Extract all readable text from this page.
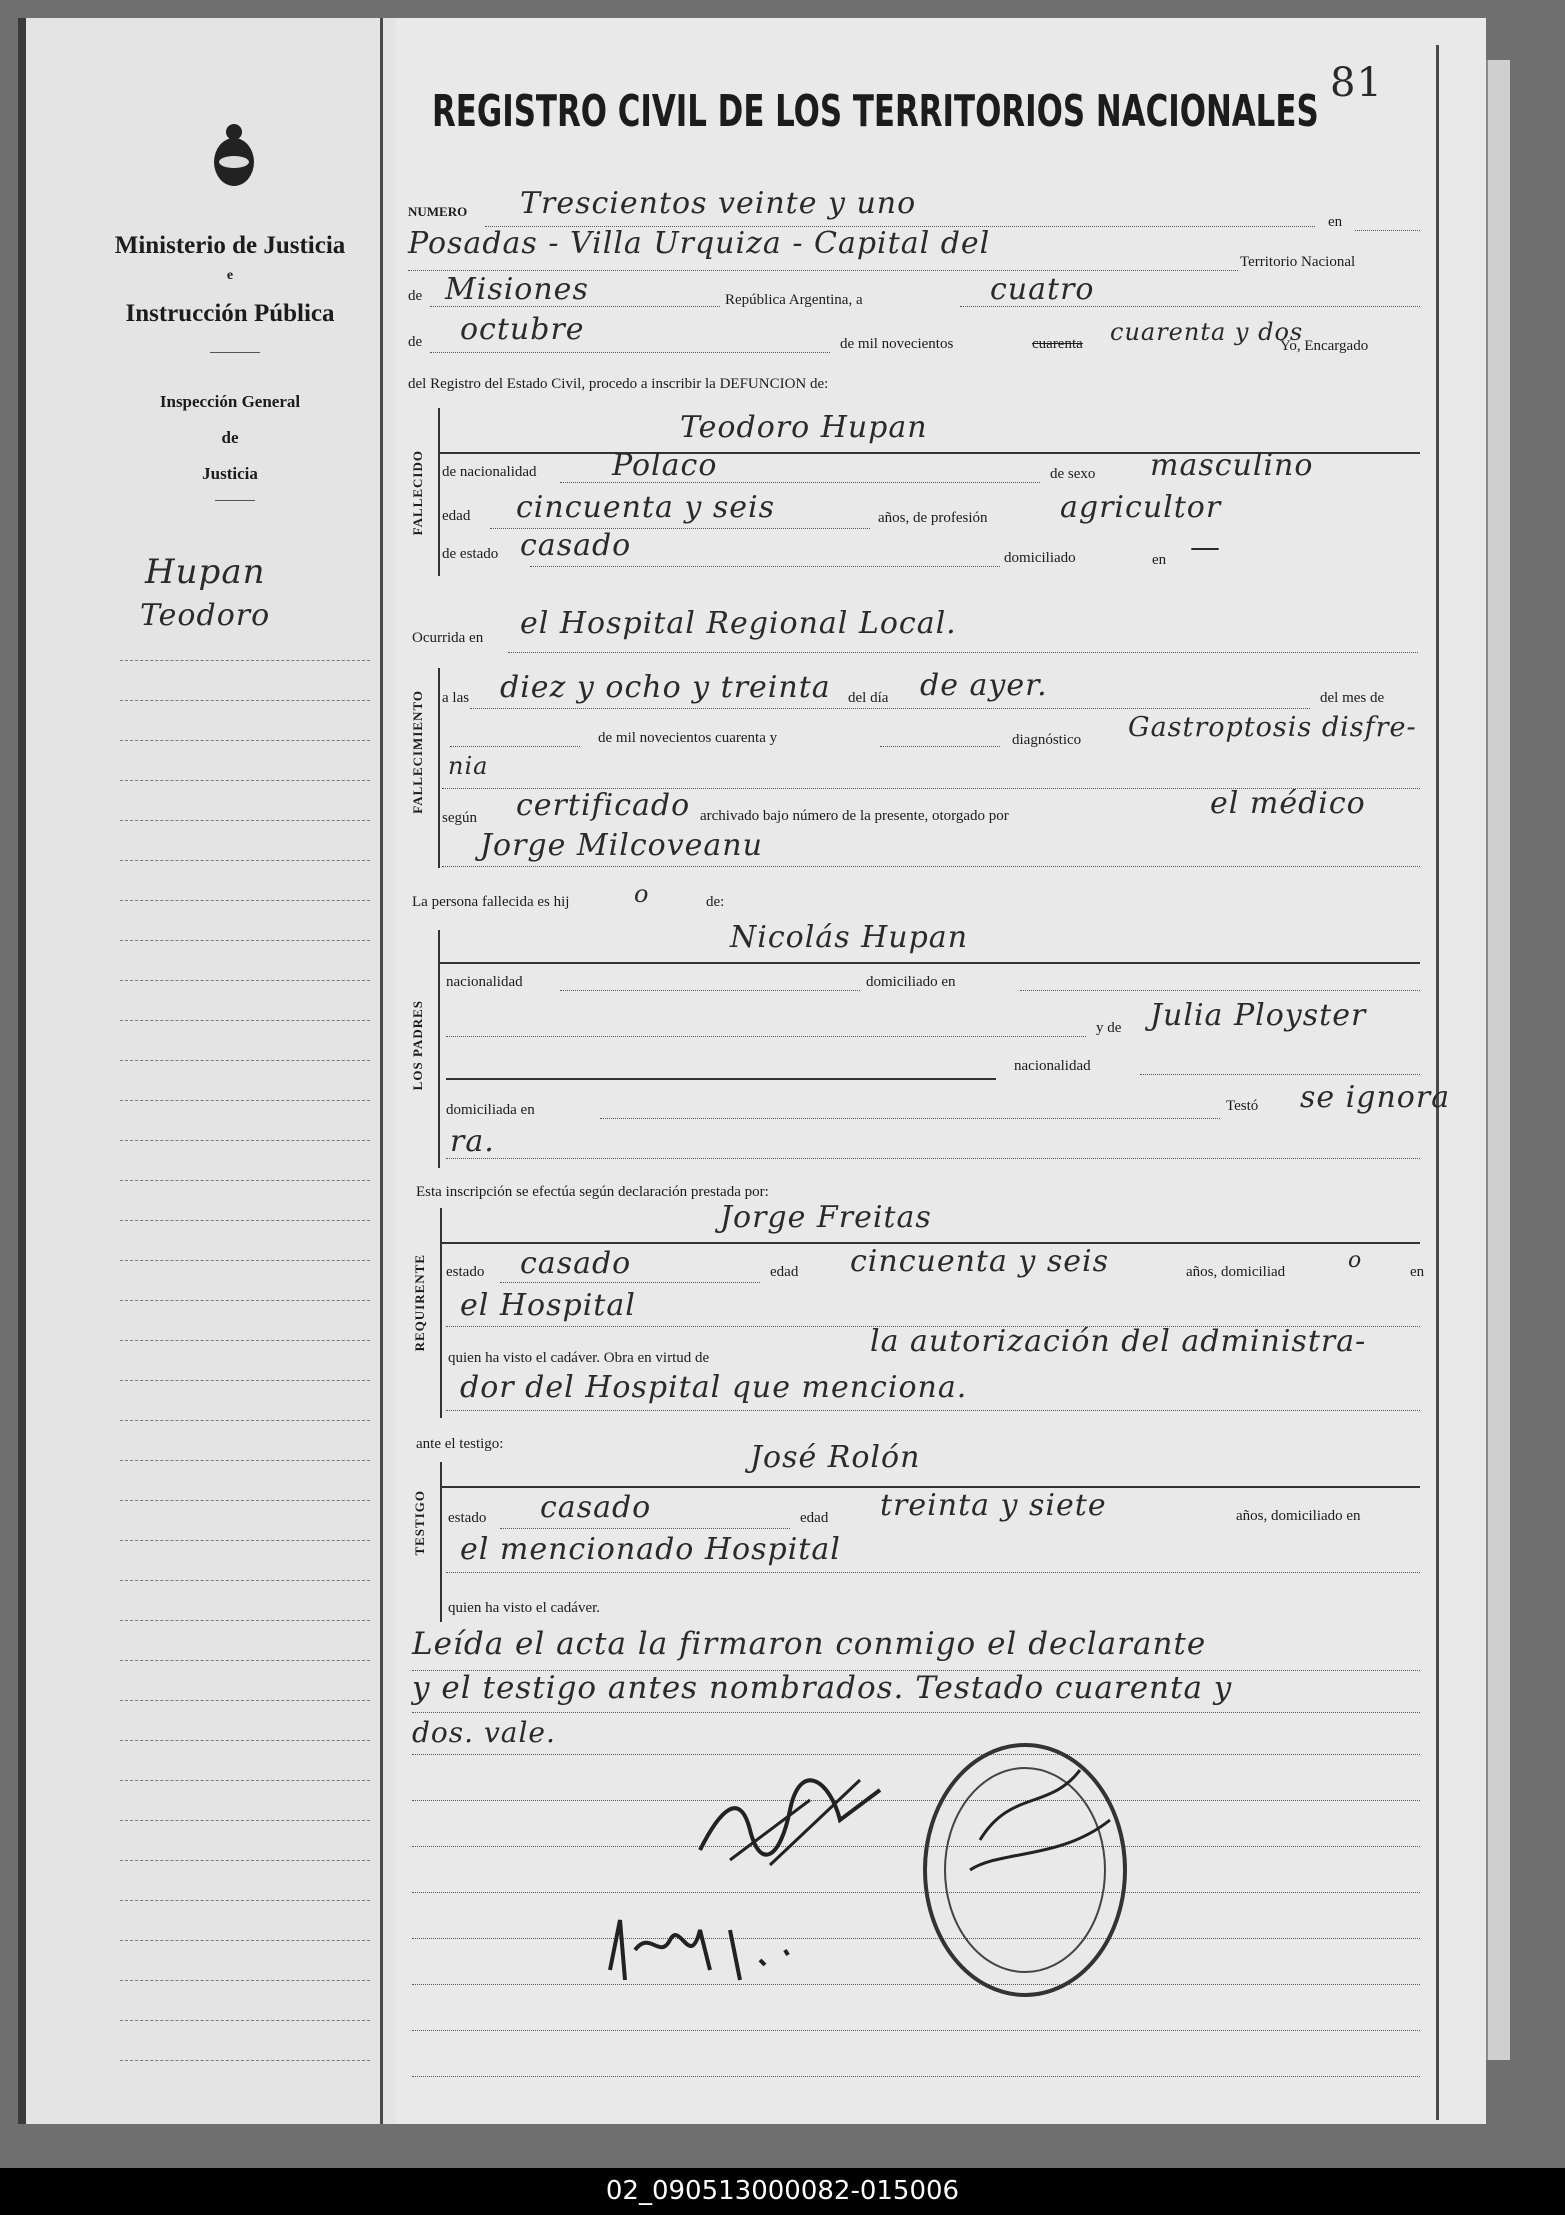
Ministerio de Justicia
e
Instrucción Pública
Inspección General
de
Justicia
Hupan
Teodoro
REGISTRO CIVIL DE LOS TERRITORIOS NACIONALES
81
NUMERO Trescientos veinte y uno
en
Posadas - Villa Urquiza - Capital del
Territorio Nacional
de Misiones	República Argentina, a	cuatro
de octubre	de mil novecientos	cuarenta cuarenta y dos
Yo, Encargado
del Registro del Estado Civil, procedo a inscribir la DEFUNCION de:
FALLECIDO
Teodoro Hupan
de nacionalidad	Polaco	de sexo masculino
edad cincuenta y seis	años, de profesión agricultor
de estado casado	domiciliado	en —
Ocurrida en el Hospital Regional Local.
FALLECIMIENTO a las diez y ocho y treinta del día de ayer.	del mes de
de mil novecientos cuarenta y	diagnóstico Gastroptosis disfre-
nia
según certificado archivado bajo número de la presente, otorgado por	el médico
Jorge Milcoveanu
La persona fallecida es hij	o	de:
LOS PADRES
Nicolás Hupan
nacionalidad	domiciliado en
y de Julia Ployster
nacionalidad
domiciliada en	Testó se ignora
ra.
Esta inscripción se efectúa según declaración prestada por:
REQUIRENTE
Jorge Freitas
estado casado	edad cincuenta y seis	años, domiciliad	o	en
el Hospital
quien ha visto el cadáver. Obra en virtud de	la autorización del administra-
dor del Hospital que menciona.
ante el testigo:
TESTIGO
José Rolón
estado casado	edad treinta y siete	años, domiciliado en
el mencionado Hospital
quien ha visto el cadáver.
Leída el acta la firmaron conmigo el declarante
y el testigo antes nombrados. Testado cuarenta y
dos. vale.
02_090513000082-015006
